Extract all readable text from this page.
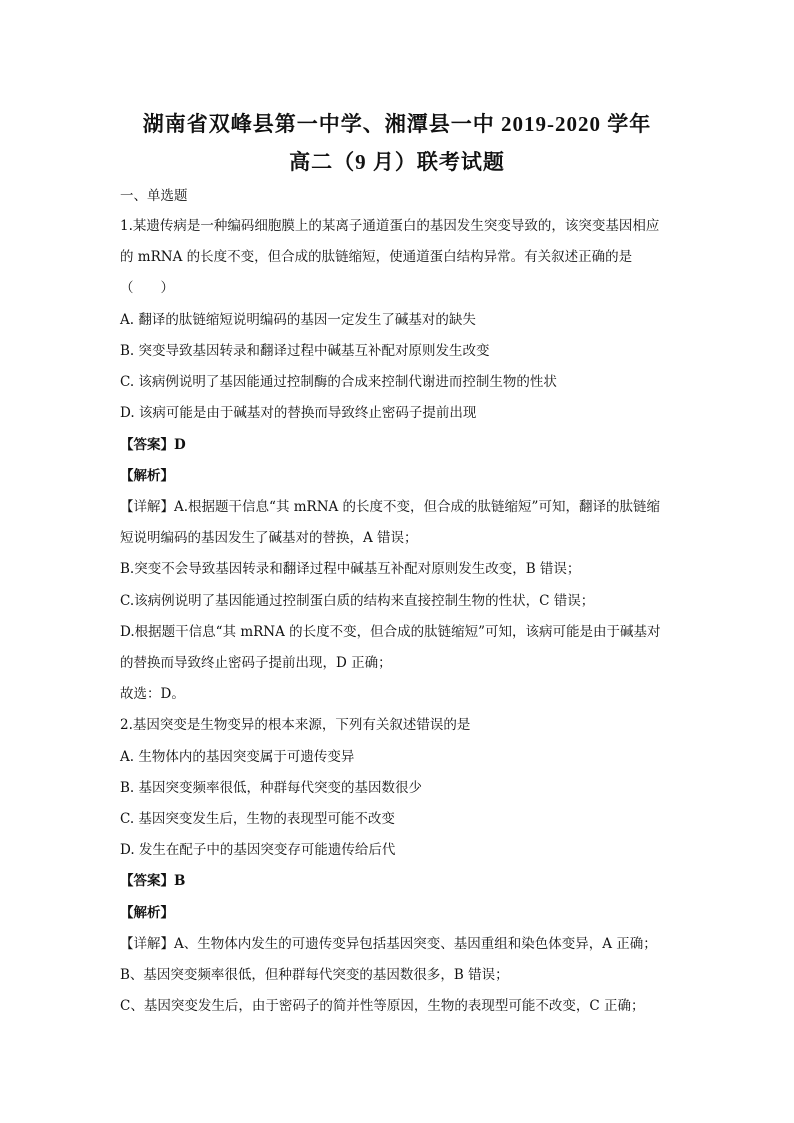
湖南省双峰县第一中学、湘潭县一中 2019-2020 学年
高二（9 月）联考试题

一、单选题

1.某遗传病是一种编码细胞膜上的某离子通道蛋白的基因发生突变导致的，该突变基因相应

的 mRNA 的长度不变，但合成的肽链缩短，使通道蛋白结构异常。有关叙述正确的是

（　　）

A. 翻译的肽链缩短说明编码的基因一定发生了碱基对的缺失

B. 突变导致基因转录和翻译过程中碱基互补配对原则发生改变

C. 该病例说明了基因能通过控制酶的合成来控制代谢进而控制生物的性状

D. 该病可能是由于碱基对的替换而导致终止密码子提前出现

【答案】D

【解析】

【详解】A.根据题干信息“其 mRNA 的长度不变，但合成的肽链缩短”可知，翻译的肽链缩

短说明编码的基因发生了碱基对的替换，A 错误；

B.突变不会导致基因转录和翻译过程中碱基互补配对原则发生改变，B 错误；

C.该病例说明了基因能通过控制蛋白质的结构来直接控制生物的性状，C 错误；

D.根据题干信息“其 mRNA 的长度不变，但合成的肽链缩短”可知，该病可能是由于碱基对

的替换而导致终止密码子提前出现，D 正确；

故选：D。

2.基因突变是生物变异的根本来源，下列有关叙述错误的是

A. 生物体内的基因突变属于可遗传变异

B. 基因突变频率很低，种群每代突变的基因数很少

C. 基因突变发生后，生物的表现型可能不改变

D. 发生在配子中的基因突变存可能遗传给后代

【答案】B

【解析】

【详解】A、生物体内发生的可遗传变异包括基因突变、基因重组和染色体变异，A 正确；

B、基因突变频率很低，但种群每代突变的基因数很多，B 错误；

C、基因突变发生后，由于密码子的简并性等原因，生物的表现型可能不改变，C 正确；
